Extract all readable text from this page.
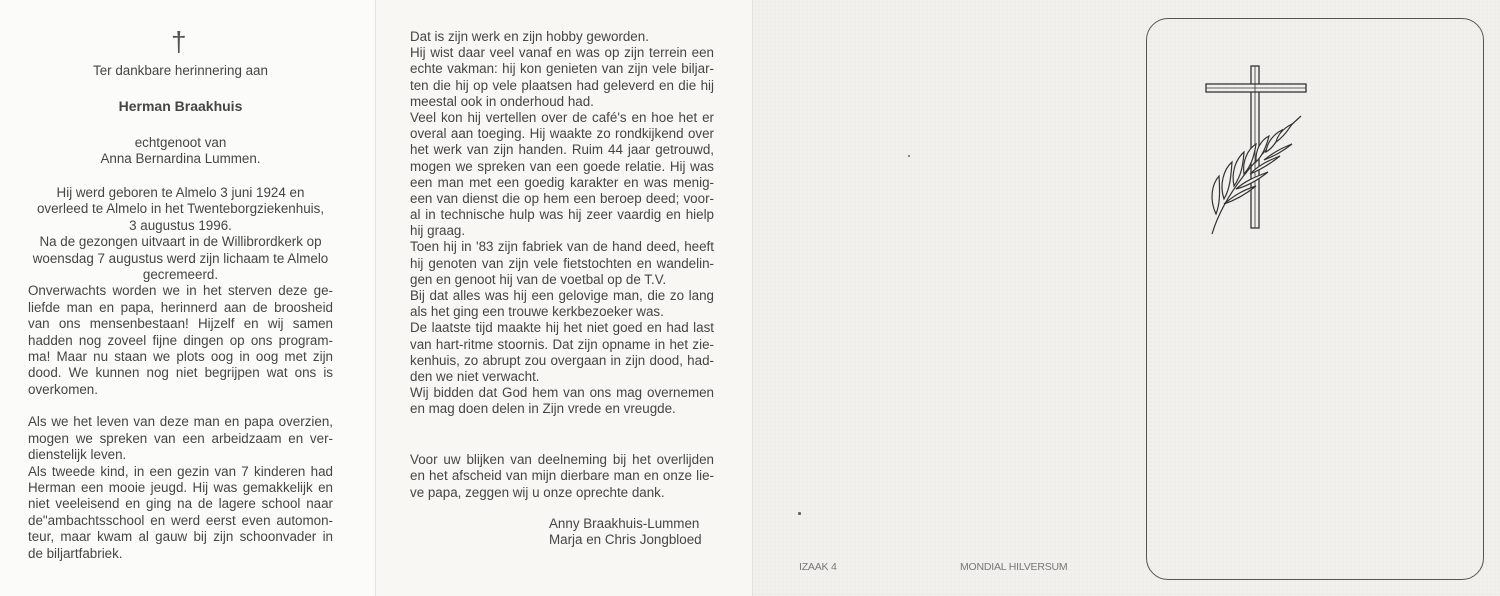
†
Ter dankbare herinnering aan
Herman Braakhuis
echtgenoot van
Anna Bernardina Lummen.
Hij werd geboren te Almelo 3 juni 1924 en
overleed te Almelo in het Twenteborgziekenhuis,
3 augustus 1996.
Na de gezongen uitvaart in de Willibrordkerk op
woensdag 7 augustus werd zijn lichaam te Almelo
gecremeerd.
Onverwachts worden we in het sterven deze ge-
liefde man en papa, herinnerd aan de broosheid
van ons mensenbestaan! Hijzelf en wij samen
hadden nog zoveel fijne dingen op ons program-
ma! Maar nu staan we plots oog in oog met zijn
dood. We kunnen nog niet begrijpen wat ons is
overkomen.
Als we het leven van deze man en papa overzien,
mogen we spreken van een arbeidzaam en ver-
dienstelijk leven.
Als tweede kind, in een gezin van 7 kinderen had
Herman een mooie jeugd. Hij was gemakkelijk en
niet veeleisend en ging na de lagere school naar
de"ambachtsschool en werd eerst even automon-
teur, maar kwam al gauw bij zijn schoonvader in
de biljartfabriek.
Dat is zijn werk en zijn hobby geworden.
Hij wist daar veel vanaf en was op zijn terrein een
echte vakman: hij kon genieten van zijn vele biljar-
ten die hij op vele plaatsen had geleverd en die hij
meestal ook in onderhoud had.
Veel kon hij vertellen over de café's en hoe het er
overal aan toeging. Hij waakte zo rondkijkend over
het werk van zijn handen. Ruim 44 jaar getrouwd,
mogen we spreken van een goede relatie. Hij was
een man met een goedig karakter en was menig-
een van dienst die op hem een beroep deed; voor-
al in technische hulp was hij zeer vaardig en hielp
hij graag.
Toen hij in '83 zijn fabriek van de hand deed, heeft
hij genoten van zijn vele fietstochten en wandelin-
gen en genoot hij van de voetbal op de T.V.
Bij dat alles was hij een gelovige man, die zo lang
als het ging een trouwe kerkbezoeker was.
De laatste tijd maakte hij het niet goed en had last
van hart-ritme stoornis. Dat zijn opname in het zie-
kenhuis, zo abrupt zou overgaan in zijn dood, had-
den we niet verwacht.
Wij bidden dat God hem van ons mag overnemen
en mag doen delen in Zijn vrede en vreugde.
Voor uw blijken van deelneming bij het overlijden
en het afscheid van mijn dierbare man en onze lie-
ve papa, zeggen wij u onze oprechte dank.
Anny Braakhuis-Lummen
Marja en Chris Jongbloed
IZAAK 4	MONDIAL HILVERSUM
